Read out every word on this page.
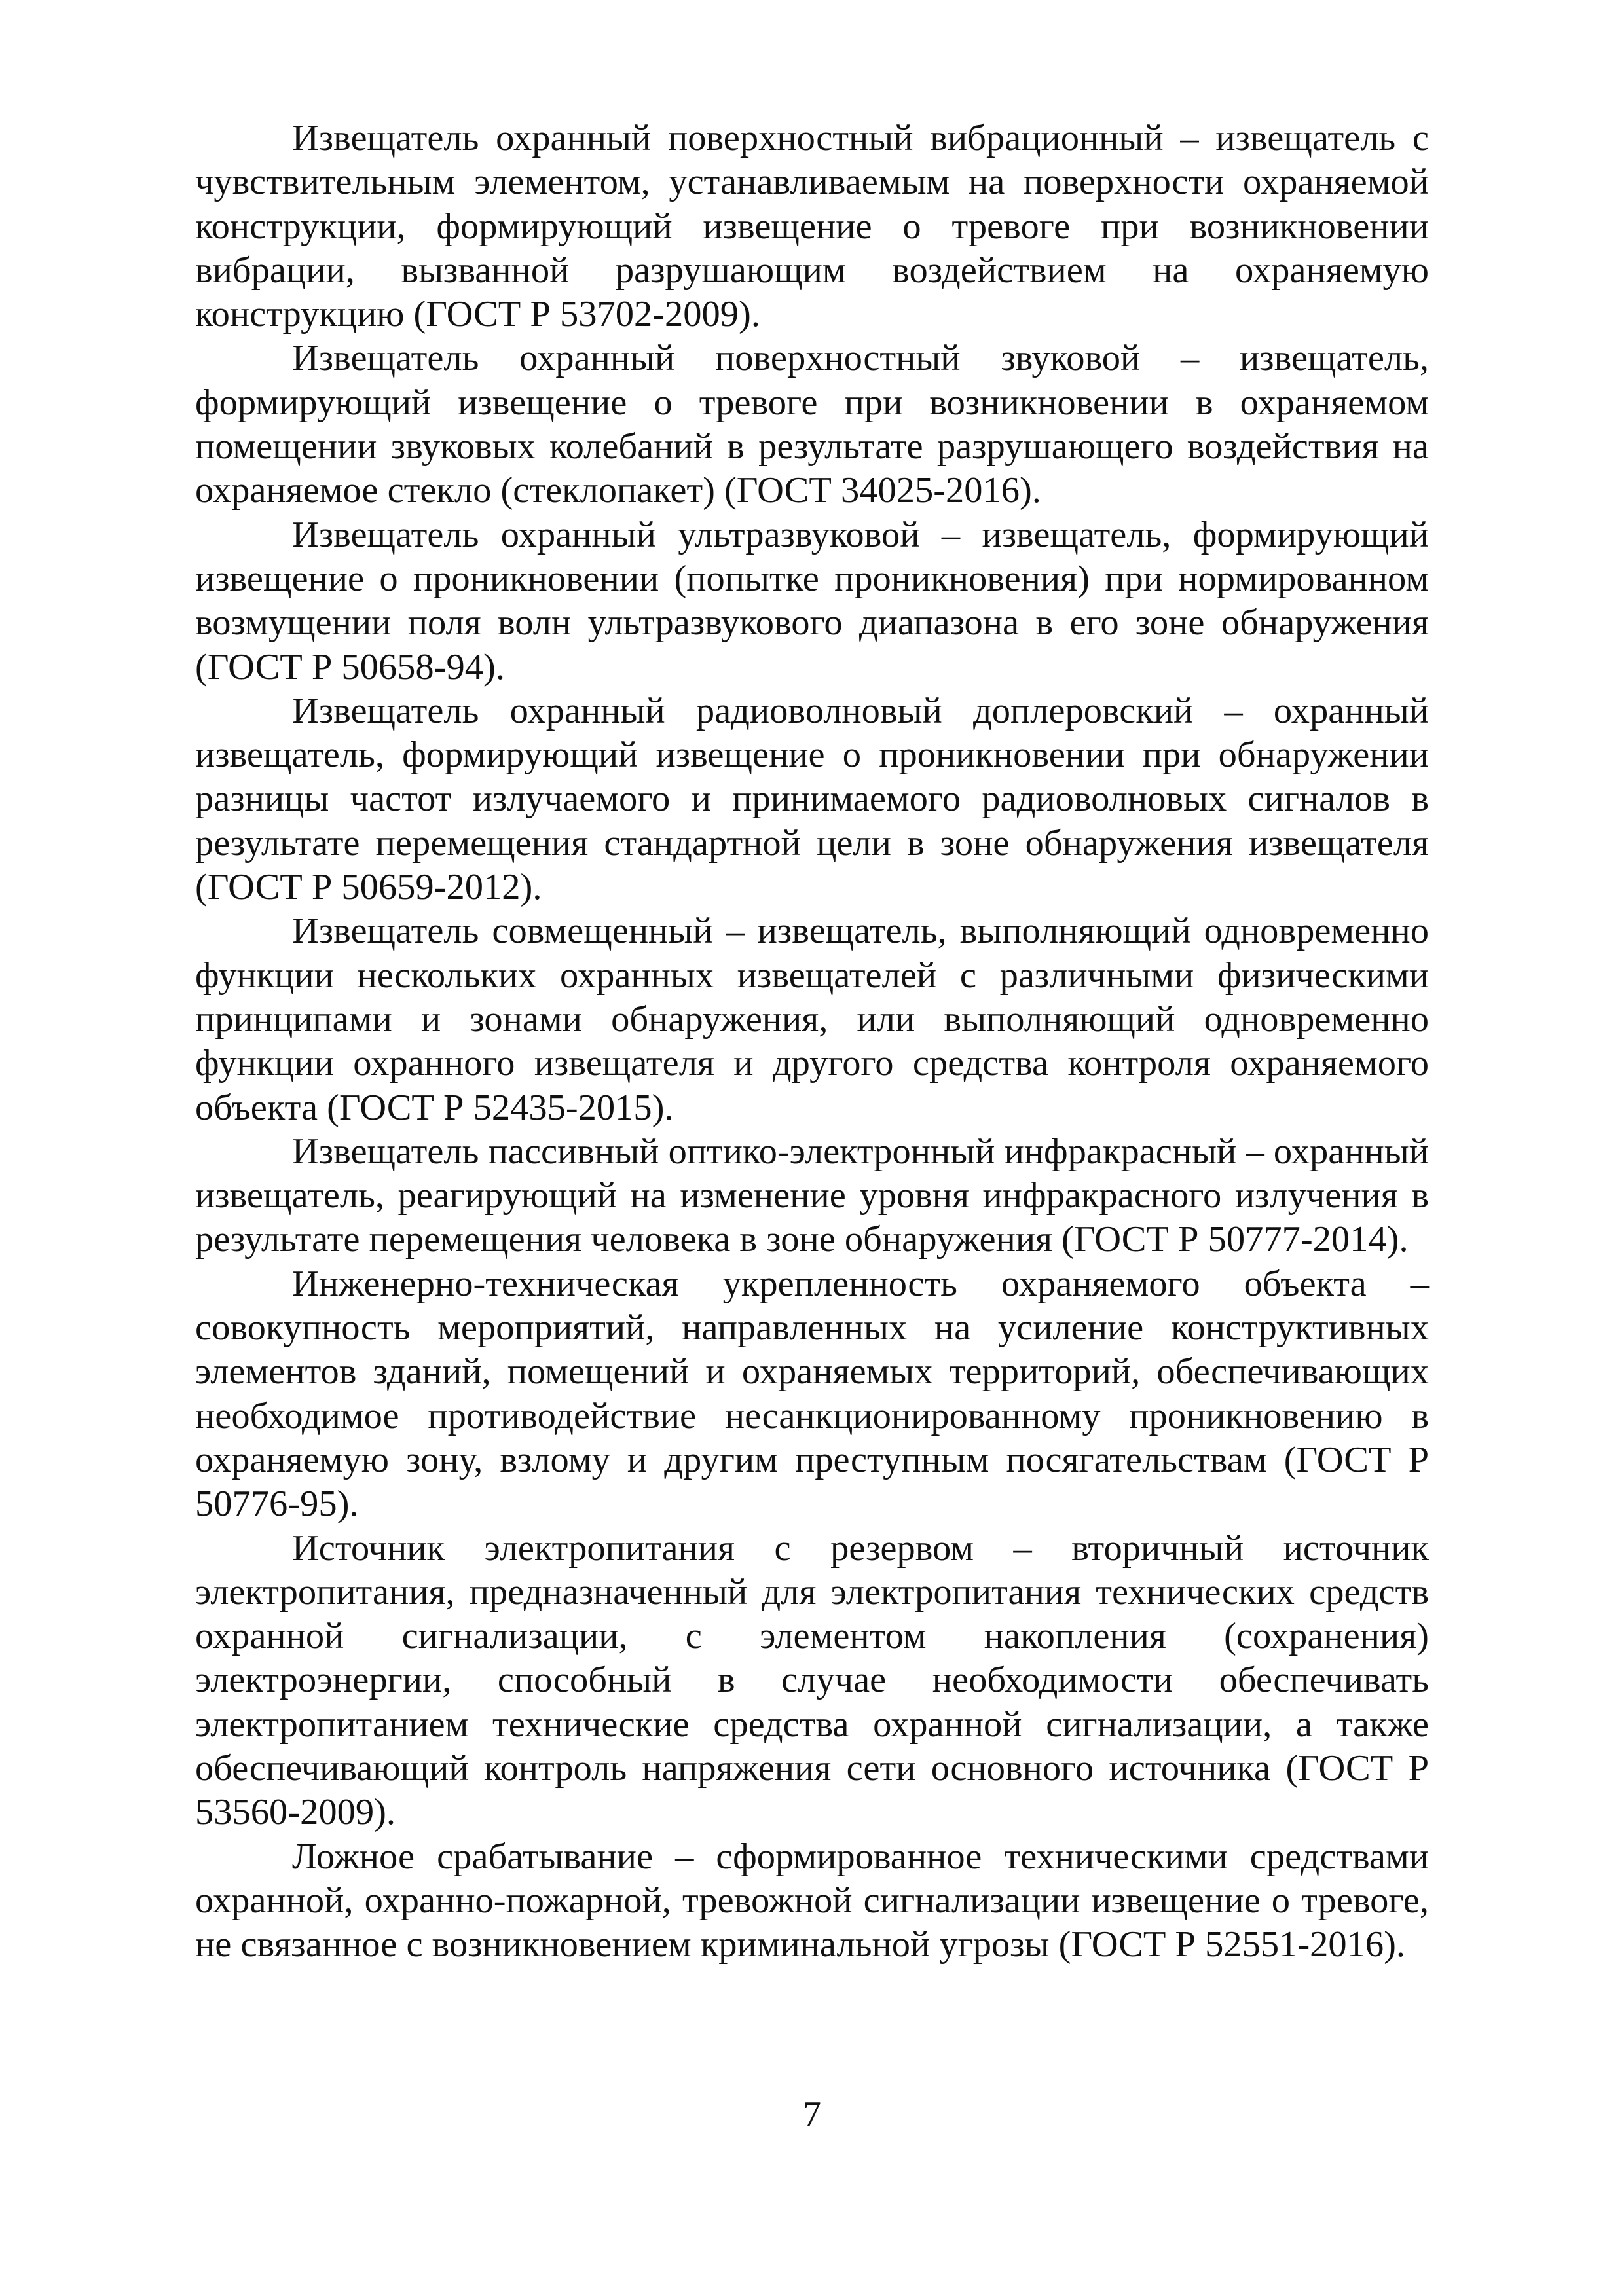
Извещатель охранный поверхностный вибрационный – извещатель с чувствительным элементом, устанавливаемым на поверхности охраняемой конструкции, формирующий извещение о тревоге при возникновении вибрации, вызванной разрушающим воздействием на охраняемую конструкцию (ГОСТ Р 53702-2009).

Извещатель охранный поверхностный звуковой – извещатель, формирующий извещение о тревоге при возникновении в охраняемом помещении звуковых колебаний в результате разрушающего воздействия на охраняемое стекло (стеклопакет) (ГОСТ 34025-2016).

Извещатель охранный ультразвуковой – извещатель, формирующий извещение о проникновении (попытке проникновения) при нормированном возмущении поля волн ультразвукового диапазона в его зоне обнаружения (ГОСТ Р 50658-94).

Извещатель охранный радиоволновый доплеровский – охранный извещатель, формирующий извещение о проникновении при обнаружении разницы частот излучаемого и принимаемого радиоволновых сигналов в результате перемещения стандартной цели в зоне обнаружения извещателя (ГОСТ Р 50659-2012).

Извещатель совмещенный – извещатель, выполняющий одновременно функции нескольких охранных извещателей с различными физическими принципами и зонами обнаружения, или выполняющий одновременно функции охранного извещателя и другого средства контроля охраняемого объекта (ГОСТ Р 52435-2015).

Извещатель пассивный оптико-электронный инфракрасный – охранный извещатель, реагирующий на изменение уровня инфракрасного излучения в результате перемещения человека в зоне обнаружения (ГОСТ Р 50777-2014).

Инженерно-техническая укрепленность охраняемого объекта – совокупность мероприятий, направленных на усиление конструктивных элементов зданий, помещений и охраняемых территорий, обеспечивающих необходимое противодействие несанкционированному проникновению в охраняемую зону, взлому и другим преступным посягательствам (ГОСТ Р 50776-95).

Источник электропитания с резервом – вторичный источник электропитания, предназначенный для электропитания технических средств охранной сигнализации, с элементом накопления (сохранения) электроэнергии, способный в случае необходимости обеспечивать электропитанием технические средства охранной сигнализации, а также обеспечивающий контроль напряжения сети основного источника (ГОСТ Р 53560-2009).

Ложное срабатывание – сформированное техническими средствами охранной, охранно-пожарной, тревожной сигнализации извещение о тревоге, не связанное с возникновением криминальной угрозы (ГОСТ Р 52551-2016).

7
